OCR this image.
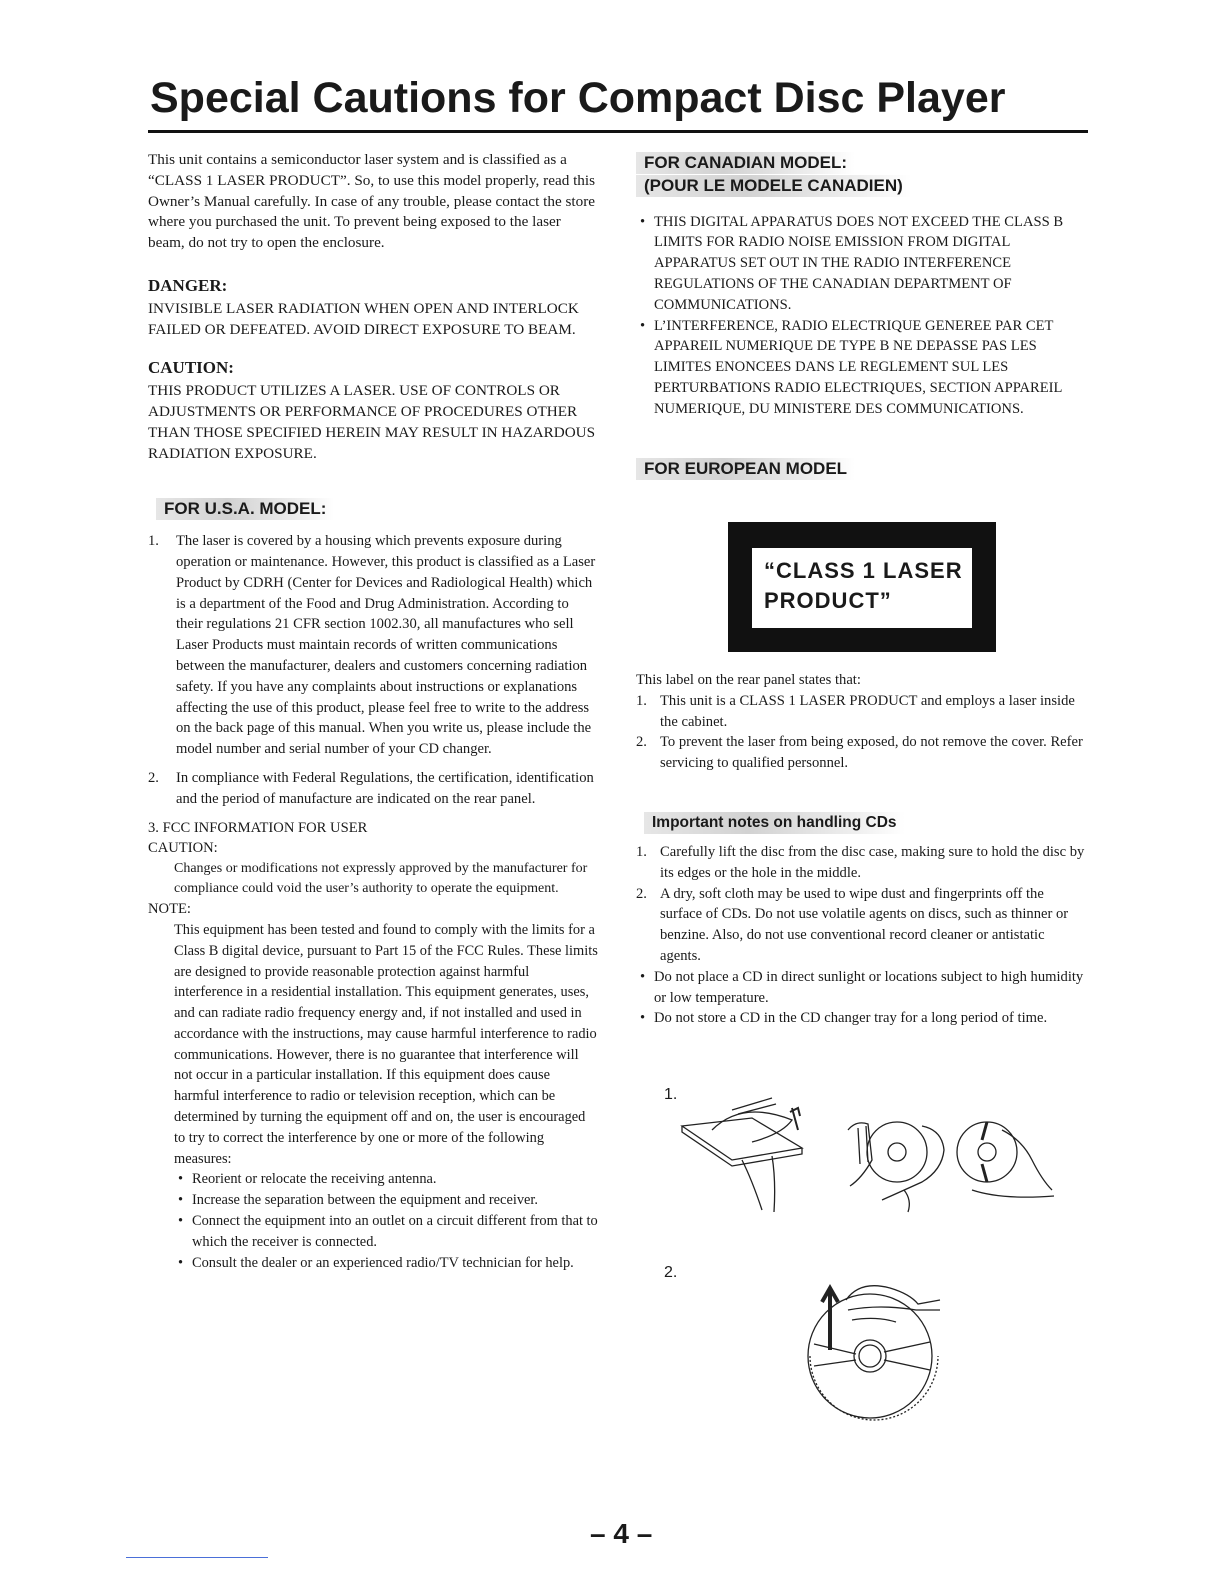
Special Cautions for Compact Disc Player

This unit contains a semiconductor laser system and is classified as a “CLASS 1 LASER PRODUCT”. So, to use this model properly, read this Owner’s Manual carefully. In case of any trouble, please contact the store where you purchased the unit. To prevent being exposed to the laser beam, do not try to open the enclosure.

DANGER:

INVISIBLE LASER RADIATION WHEN OPEN AND INTERLOCK FAILED OR DEFEATED. AVOID DIRECT EXPOSURE TO BEAM.

CAUTION:

THIS PRODUCT UTILIZES A LASER. USE OF CONTROLS OR ADJUSTMENTS OR PERFORMANCE OF PROCEDURES OTHER THAN THOSE SPECIFIED HEREIN MAY RESULT IN HAZARDOUS RADIATION EXPOSURE.

FOR U.S.A. MODEL:
1. The laser is covered by a housing which prevents exposure during operation or maintenance. However, this product is classified as a Laser Product by CDRH (Center for Devices and Radiological Health) which is a department of the Food and Drug Administration. According to their regulations 21 CFR section 1002.30, all manufactures who sell Laser Products must maintain records of written communications between the manufacturer, dealers and customers concerning radiation safety. If you have any complaints about instructions or explanations affecting the use of this product, please feel free to write to the address on the back page of this manual. When you write us, please include the model number and serial number of your CD changer.
2. In compliance with Federal Regulations, the certification, identification and the period of manufacture are indicated on the rear panel.

3. FCC INFORMATION FOR USER

CAUTION:

Changes or modifications not expressly approved by the manufacturer for compliance could void the user’s authority to operate the equipment.

NOTE:

This equipment has been tested and found to comply with the limits for a Class B digital device, pursuant to Part 15 of the FCC Rules. These limits are designed to provide reasonable protection against harmful interference in a residential installation. This equipment generates, uses, and can radiate radio frequency energy and, if not installed and used in accordance with the instructions, may cause harmful interference to radio communications. However, there is no guarantee that interference will not occur in a particular installation. If this equipment does cause harmful interference to radio or television reception, which can be determined by turning the equipment off and on, the user is encouraged to try to correct the interference by one or more of the following measures:

• Reorient or relocate the receiving antenna.
• Increase the separation between the equipment and receiver.
• Connect the equipment into an outlet on a circuit different from that to which the receiver is connected.
• Consult the dealer or an experienced radio/TV technician for help.
FOR CANADIAN MODEL:
(POUR LE MODELE CANADIEN)
• THIS DIGITAL APPARATUS DOES NOT EXCEED THE CLASS B LIMITS FOR RADIO NOISE EMISSION FROM DIGITAL APPARATUS SET OUT IN THE RADIO INTERFERENCE REGULATIONS OF THE CANADIAN DEPARTMENT OF COMMUNICATIONS.
• L’INTERFERENCE, RADIO ELECTRIQUE GENEREE PAR CET APPAREIL NUMERIQUE DE TYPE B NE DEPASSE PAS LES LIMITES ENONCEES DANS LE REGLEMENT SUL LES PERTURBATIONS RADIO ELECTRIQUES, SECTION APPAREIL NUMERIQUE, DU MINISTERE DES COMMUNICATIONS.
FOR EUROPEAN MODEL
“CLASS 1 LASER
PRODUCT”

This label on the rear panel states that:

1. This unit is a CLASS 1 LASER PRODUCT and employs a laser inside the cabinet.
2. To prevent the laser from being exposed, do not remove the cover. Refer servicing to qualified personnel.
Important notes on handling CDs
1. Carefully lift the disc from the disc case, making sure to hold the disc by its edges or the hole in the middle.
2. A dry, soft cloth may be used to wipe dust and fingerprints off the surface of CDs. Do not use volatile agents on discs, such as thinner or benzine. Also, do not use conventional record cleaner or antistatic agents.
• Do not place a CD in direct sunlight or locations subject to high humidity or low temperature.
• Do not store a CD in the CD changer tray for a long period of time.
1.
2.
– 4 –
